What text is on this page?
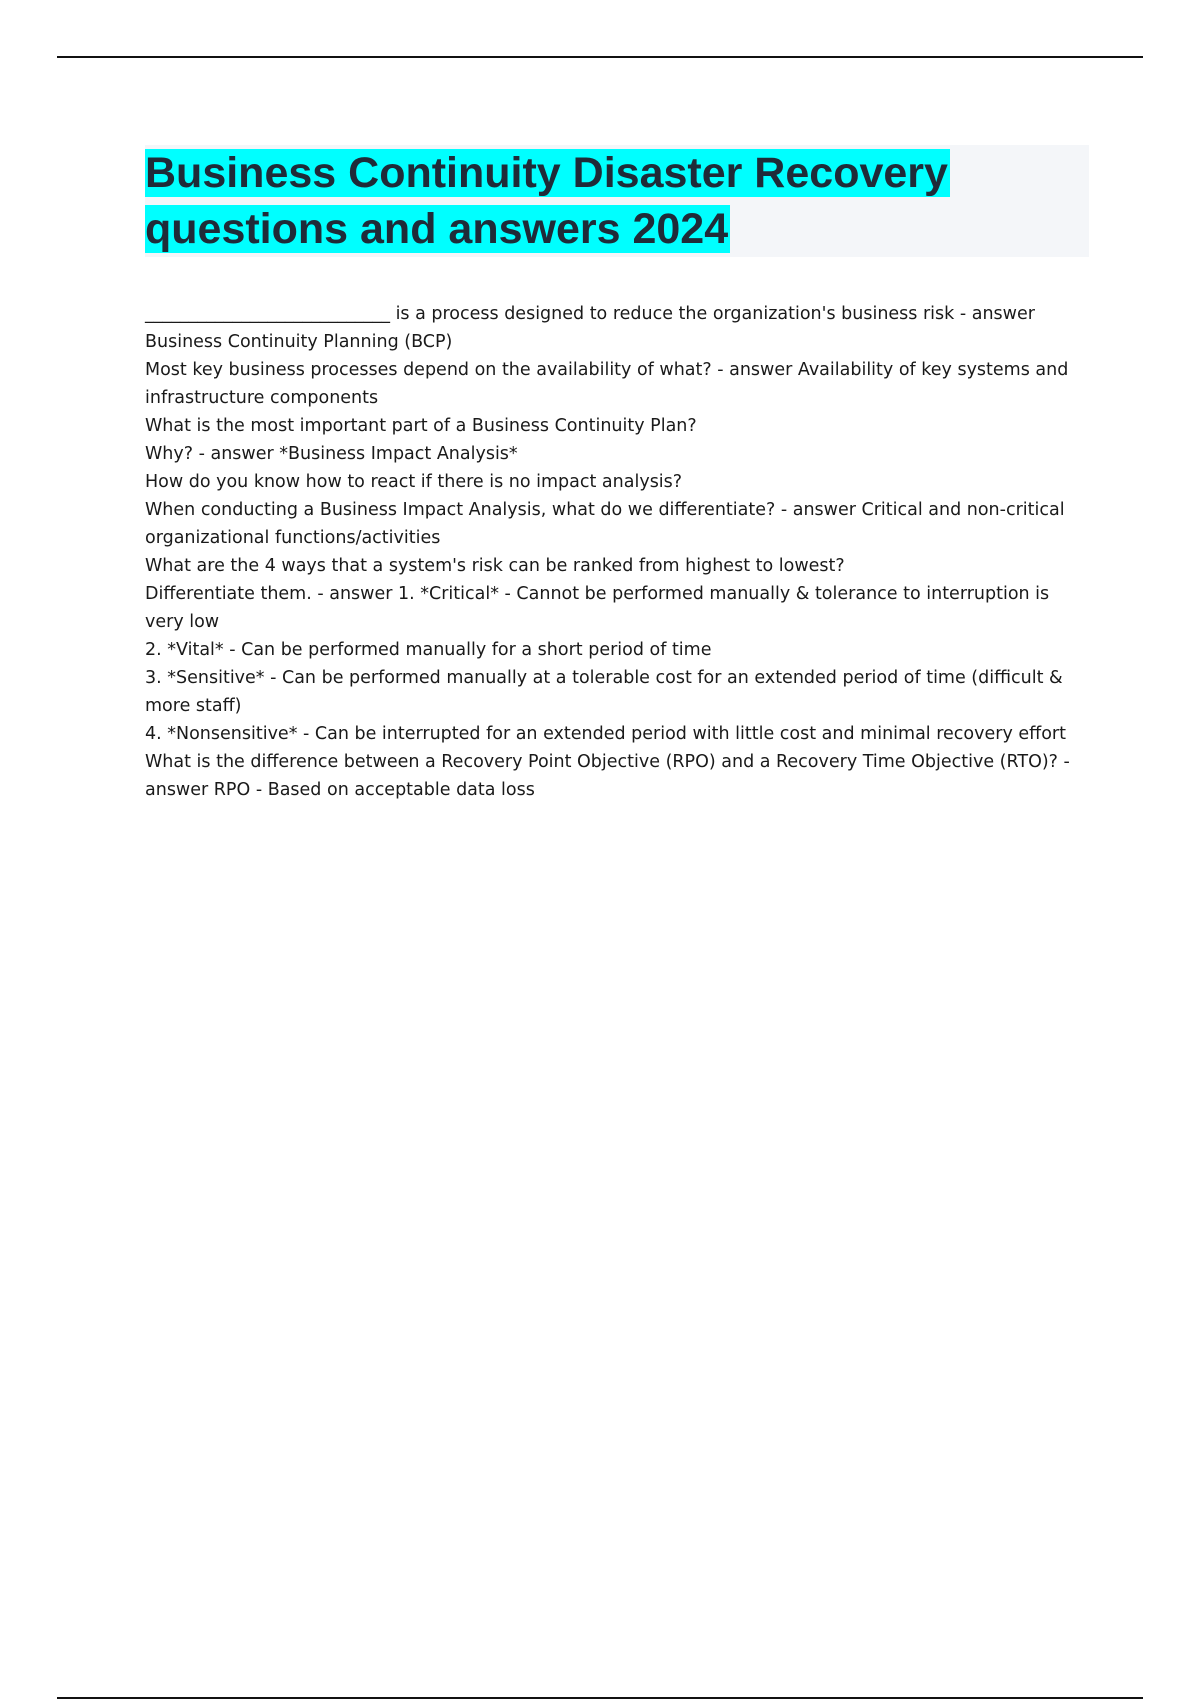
Business Continuity Disaster Recovery
questions and answers 2024

____________________________ is a process designed to reduce the organization's business risk - answer Business Continuity Planning (BCP)

Most key business processes depend on the availability of what? - answer Availability of key systems and infrastructure components

What is the most important part of a Business Continuity Plan?

Why? - answer *Business Impact Analysis*

How do you know how to react if there is no impact analysis?

When conducting a Business Impact Analysis, what do we differentiate? - answer Critical and non-critical organizational functions/activities

What are the 4 ways that a system's risk can be ranked from highest to lowest?

Differentiate them. - answer 1. *Critical* - Cannot be performed manually & tolerance to interruption is very low

2. *Vital* - Can be performed manually for a short period of time

3. *Sensitive* - Can be performed manually at a tolerable cost for an extended period of time (difficult & more staff)

4. *Nonsensitive* - Can be interrupted for an extended period with little cost and minimal recovery effort

What is the difference between a Recovery Point Objective (RPO) and a Recovery Time Objective (RTO)? - answer RPO - Based on acceptable data loss
